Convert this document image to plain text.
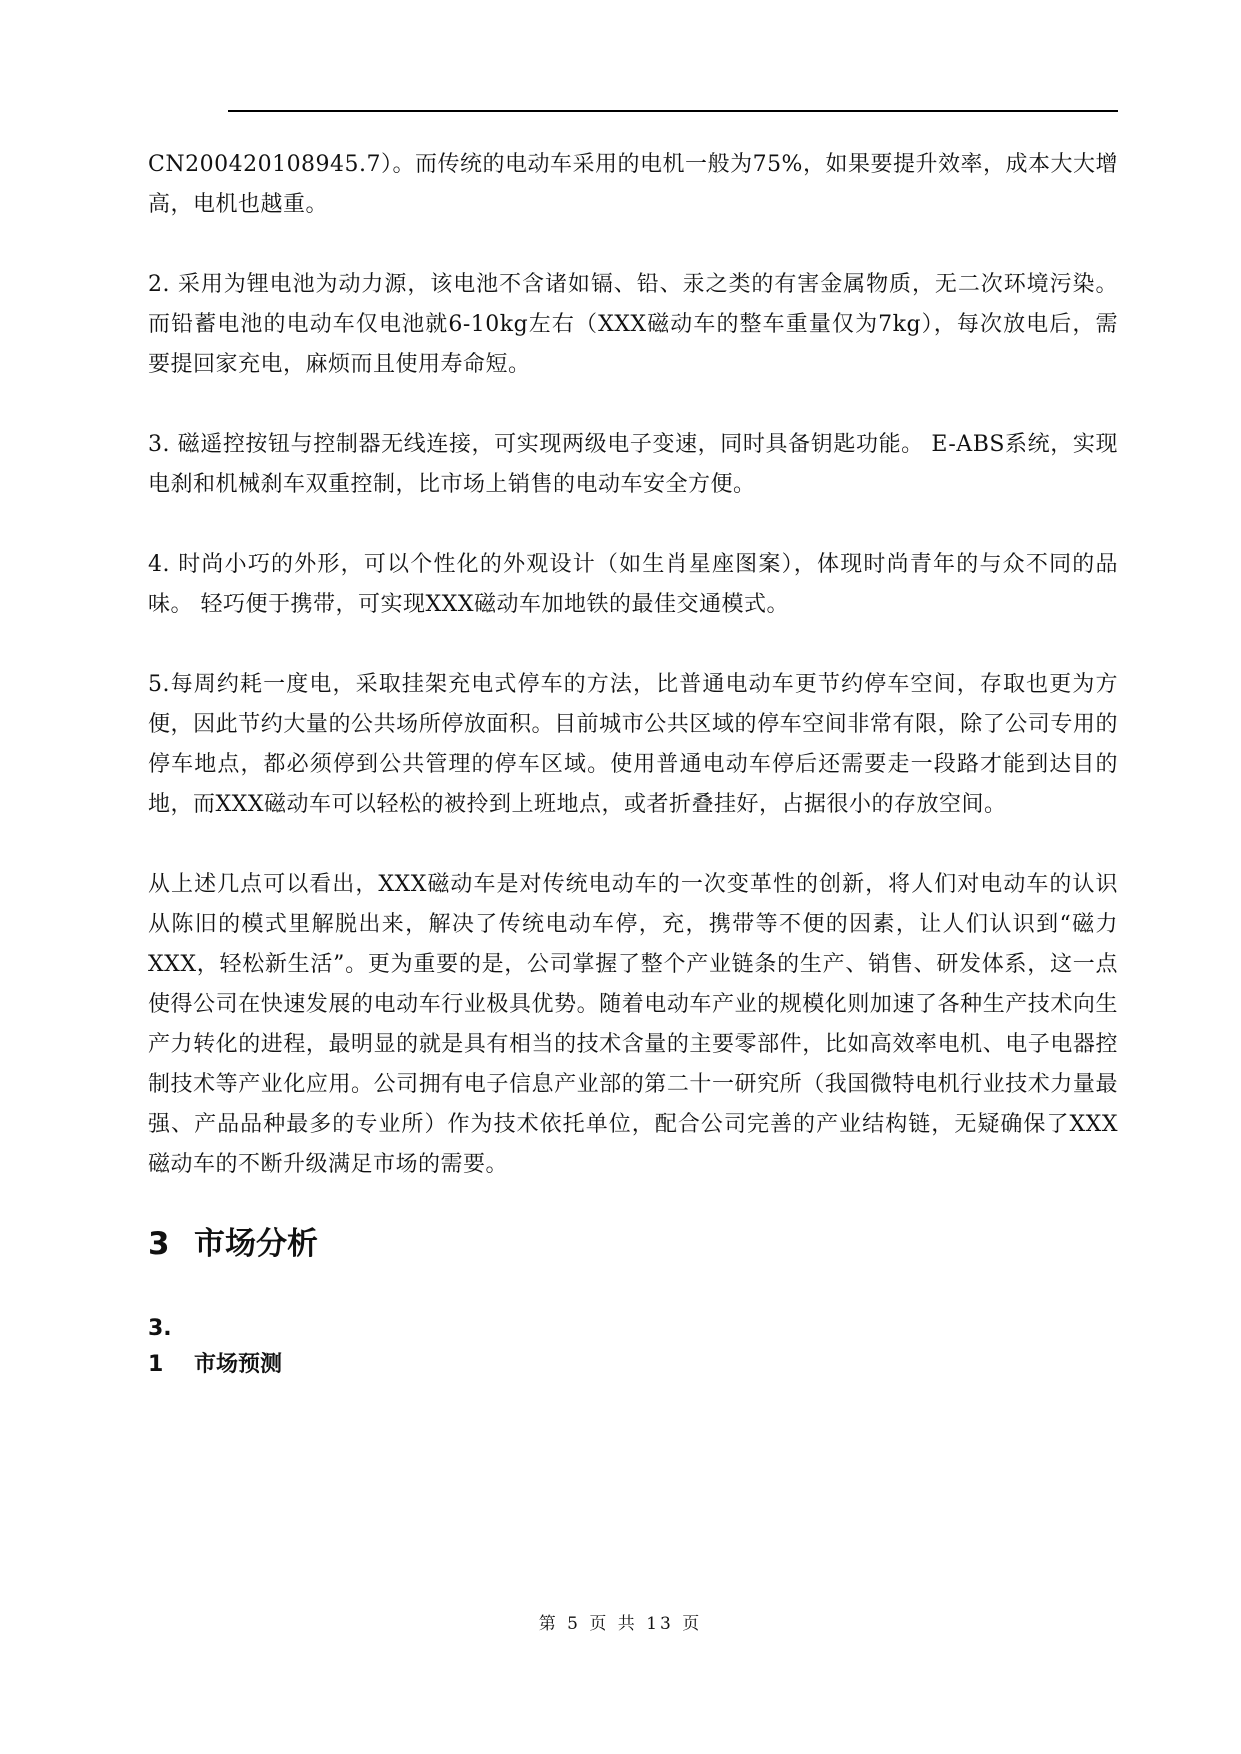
CN200420108945.7）。而传统的电动车采用的电机一般为75%，如果要提升效率，成本大大增高，电机也越重。

2. 采用为锂电池为动力源，该电池不含诸如镉、铅、汞之类的有害金属物质，无二次环境污染。而铅蓄电池的电动车仅电池就6-10kg左右（XXX磁动车的整车重量仅为7kg），每次放电后，需要提回家充电，麻烦而且使用寿命短。

3. 磁遥控按钮与控制器无线连接，可实现两级电子变速，同时具备钥匙功能。 E-ABS系统，实现电刹和机械刹车双重控制，比市场上销售的电动车安全方便。

4. 时尚小巧的外形，可以个性化的外观设计（如生肖星座图案），体现时尚青年的与众不同的品味。 轻巧便于携带，可实现XXX磁动车加地铁的最佳交通模式。

5.每周约耗一度电，采取挂架充电式停车的方法，比普通电动车更节约停车空间，存取也更为方便，因此节约大量的公共场所停放面积。目前城市公共区域的停车空间非常有限，除了公司专用的停车地点，都必须停到公共管理的停车区域。使用普通电动车停后还需要走一段路才能到达目的地，而XXX磁动车可以轻松的被拎到上班地点，或者折叠挂好，占据很小的存放空间。

从上述几点可以看出，XXX磁动车是对传统电动车的一次变革性的创新，将人们对电动车的认识从陈旧的模式里解脱出来，解决了传统电动车停，充，携带等不便的因素，让人们认识到“磁力XXX，轻松新生活”。更为重要的是，公司掌握了整个产业链条的生产、销售、研发体系，这一点使得公司在快速发展的电动车行业极具优势。随着电动车产业的规模化则加速了各种生产技术向生产力转化的进程，最明显的就是具有相当的技术含量的主要零部件，比如高效率电机、电子电器控制技术等产业化应用。公司拥有电子信息产业部的第二十一研究所（我国微特电机行业技术力量最强、产品品种最多的专业所）作为技术依托单位，配合公司完善的产业结构链，无疑确保了XXX磁动车的不断升级满足市场的需要。

3 市场分析
3. 1 市场预测
第 5 页 共 13 页
